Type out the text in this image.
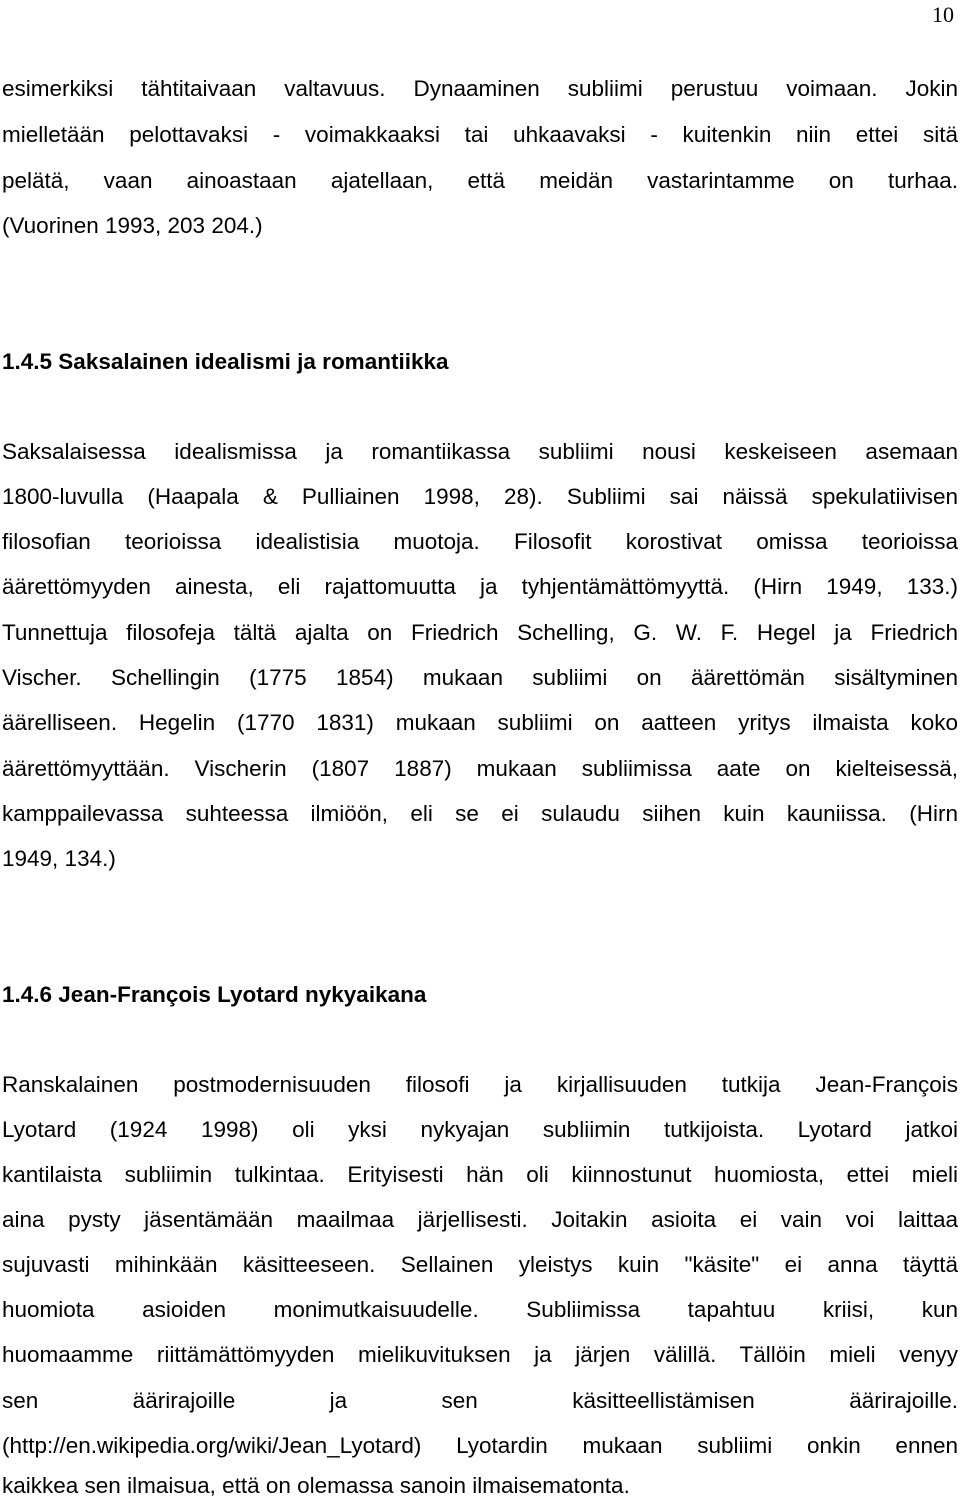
10
esimerkiksi tähtitaivaan valtavuus. Dynaaminen subliimi perustuu voimaan. Jokin
mielletään pelottavaksi - voimakkaaksi tai uhkaavaksi - kuitenkin niin ettei sitä
pelätä, vaan ainoastaan ajatellaan, että meidän vastarintamme on turhaa.
(Vuorinen 1993, 203 204.)
1.4.5 Saksalainen idealismi ja romantiikka
Saksalaisessa idealismissa ja romantiikassa subliimi nousi keskeiseen asemaan
1800-luvulla (Haapala & Pulliainen 1998, 28). Subliimi sai näissä spekulatiivisen
filosofian teorioissa idealistisia muotoja. Filosofit korostivat omissa teorioissa
äärettömyyden ainesta, eli rajattomuutta ja tyhjentämättömyyttä. (Hirn 1949, 133.)
Tunnettuja filosofeja tältä ajalta on Friedrich Schelling, G. W. F. Hegel ja Friedrich
Vischer. Schellingin (1775 1854) mukaan subliimi on äärettömän sisältyminen
äärelliseen. Hegelin (1770 1831) mukaan subliimi on aatteen yritys ilmaista koko
äärettömyyttään. Vischerin (1807 1887) mukaan subliimissa aate on kielteisessä,
kamppailevassa suhteessa ilmiöön, eli se ei sulaudu siihen kuin kauniissa. (Hirn
1949, 134.)
1.4.6 Jean-François Lyotard nykyaikana
Ranskalainen postmodernisuuden filosofi ja kirjallisuuden tutkija Jean-François
Lyotard (1924 1998) oli yksi nykyajan subliimin tutkijoista. Lyotard jatkoi
kantilaista subliimin tulkintaa. Erityisesti hän oli kiinnostunut huomiosta, ettei mieli
aina pysty jäsentämään maailmaa järjellisesti. Joitakin asioita ei vain voi laittaa
sujuvasti mihinkään käsitteeseen. Sellainen yleistys kuin "käsite" ei anna täyttä
huomiota asioiden monimutkaisuudelle. Subliimissa tapahtuu kriisi, kun
huomaamme riittämättömyyden mielikuvituksen ja järjen välillä. Tällöin mieli venyy
sen äärirajoille ja sen käsitteellistämisen äärirajoille.
(http://en.wikipedia.org/wiki/Jean_Lyotard) Lyotardin mukaan subliimi onkin ennen
kaikkea sen ilmaisua, että on olemassa sanoin ilmaisematonta.
